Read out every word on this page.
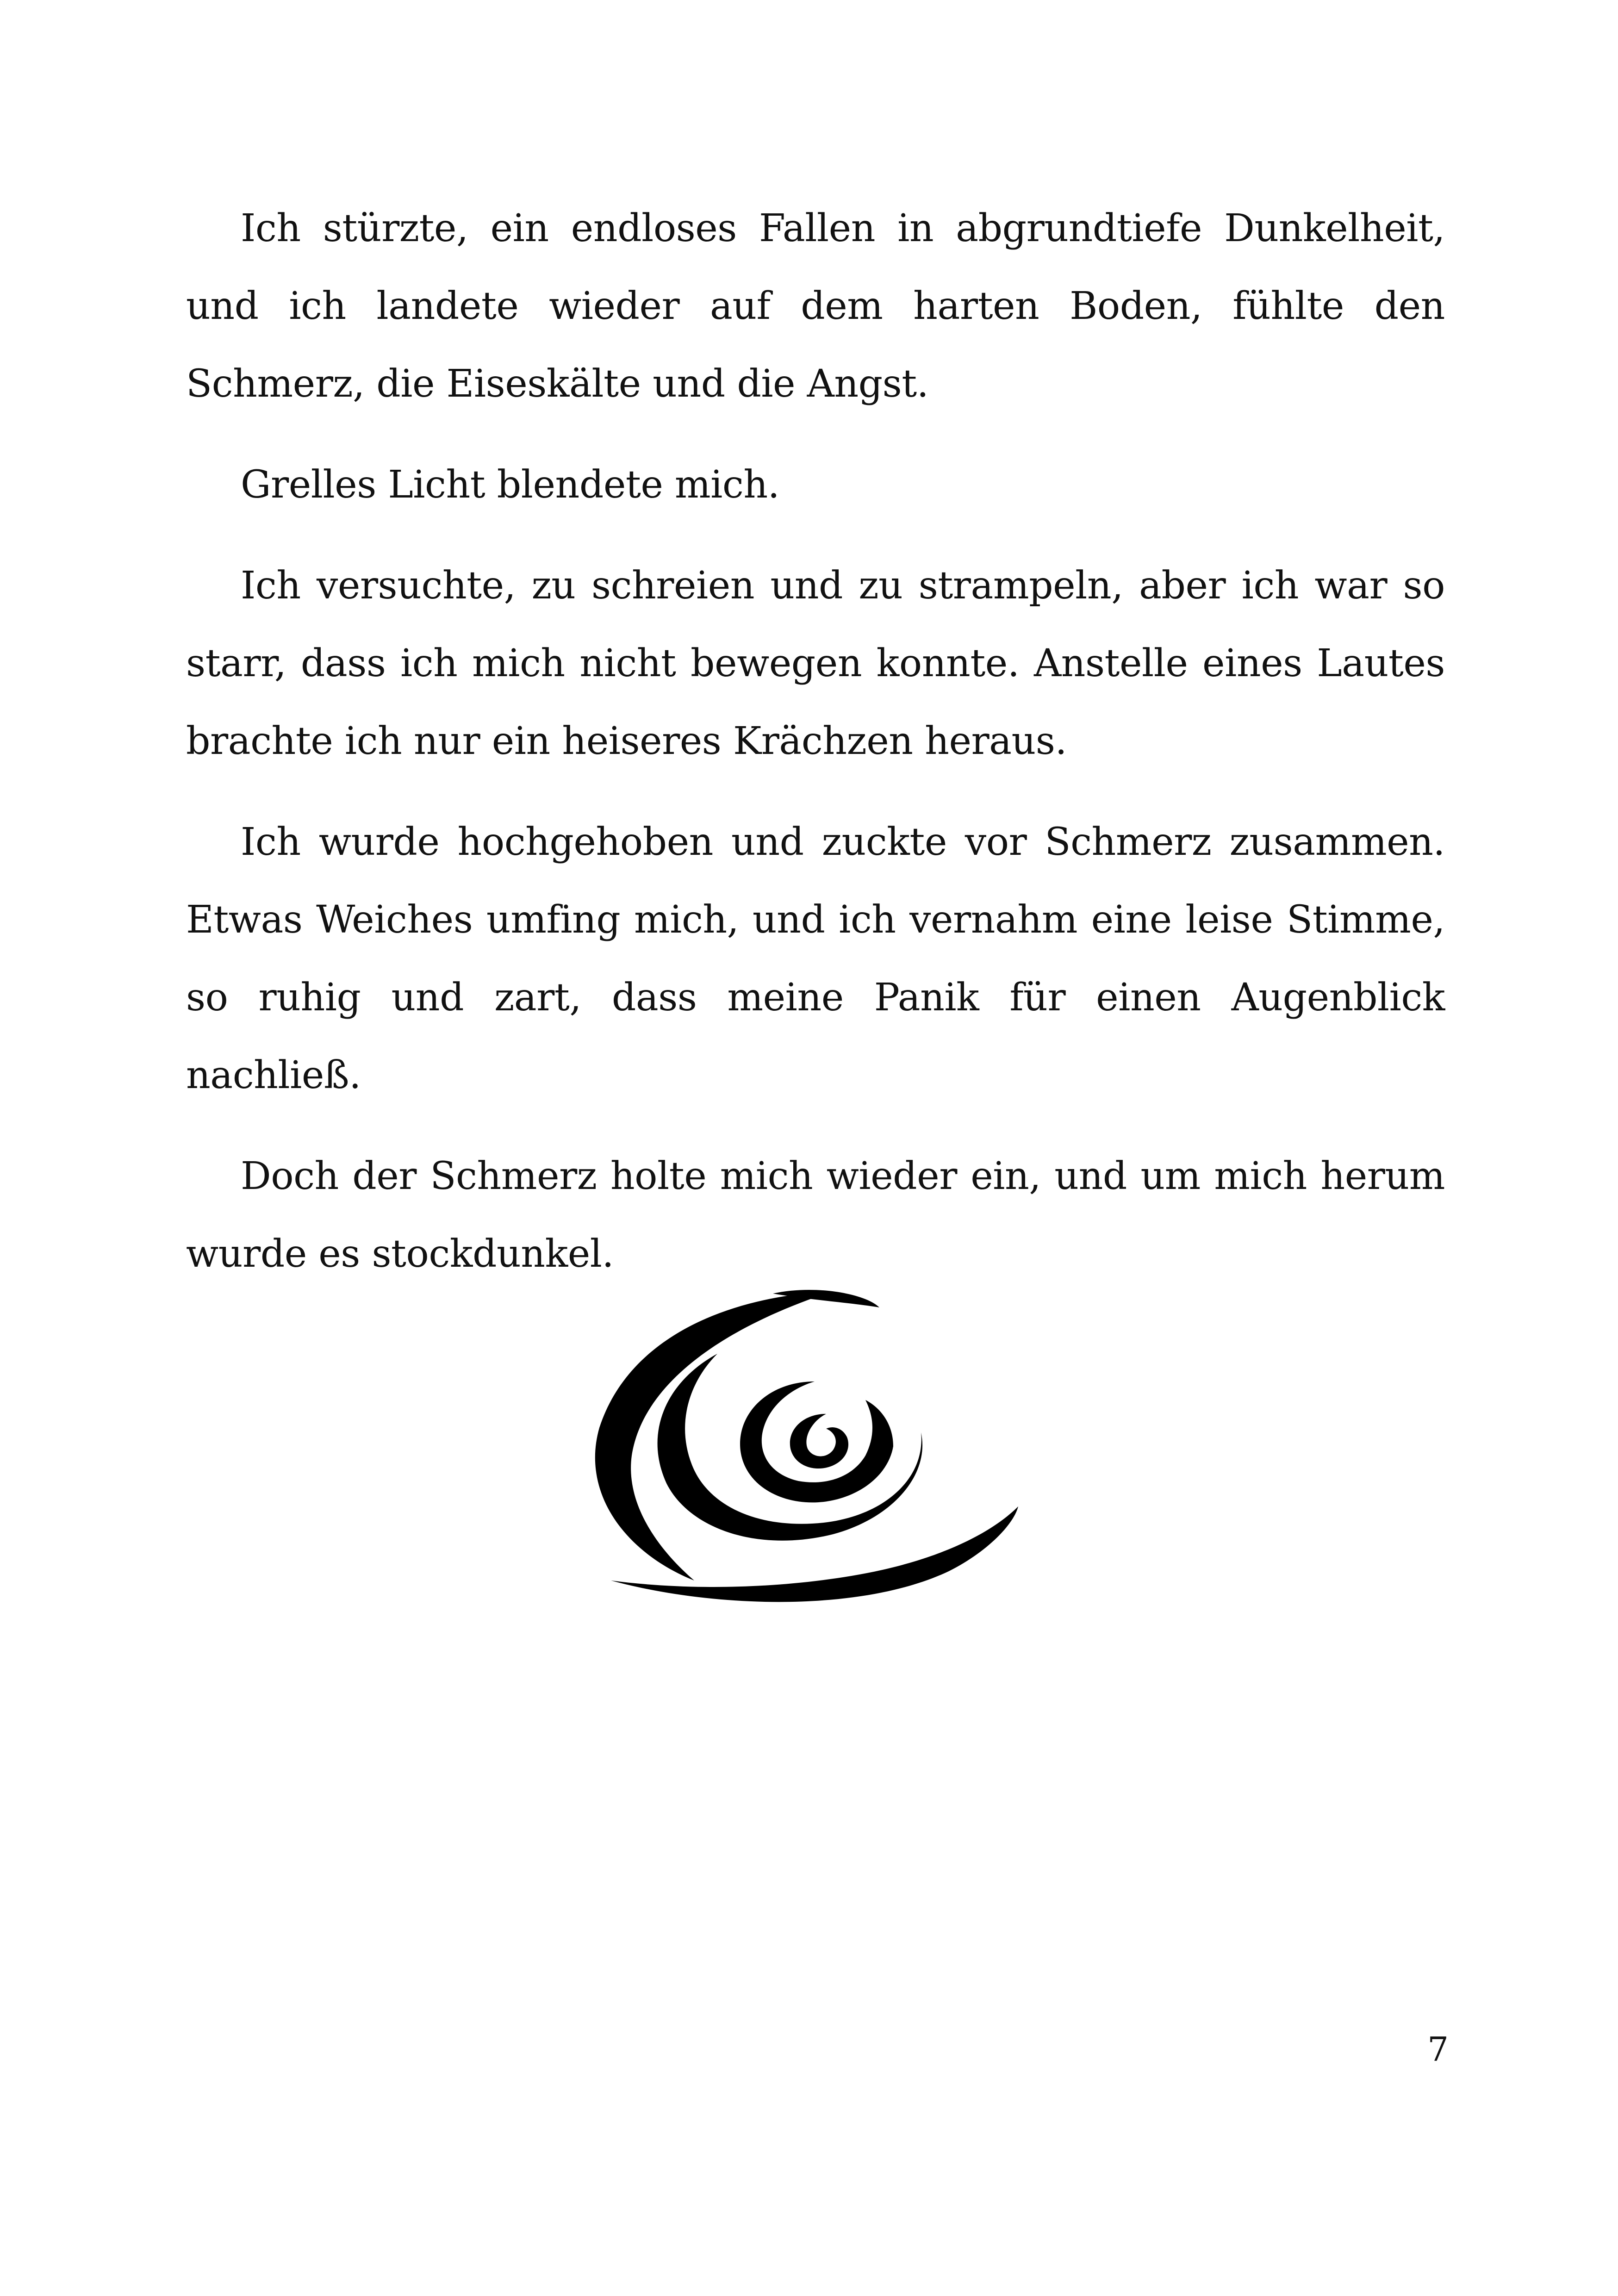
Ich stürzte, ein endloses Fallen in abgrundtiefe Dunkelheit, und ich landete wieder auf dem harten Boden, fühlte den Schmerz, die Eiseskälte und die Angst.

Grelles Licht blendete mich.

Ich versuchte, zu schreien und zu strampeln, aber ich war so starr, dass ich mich nicht bewegen konnte. Anstelle eines Lautes brachte ich nur ein heiseres Krächzen heraus.

Ich wurde hochgehoben und zuckte vor Schmerz zusammen. Etwas Weiches umfing mich, und ich vernahm eine leise Stimme, so ruhig und zart, dass meine Panik für einen Augenblick nachließ.

Doch der Schmerz holte mich wieder ein, und um mich herum wurde es stockdunkel.

7
